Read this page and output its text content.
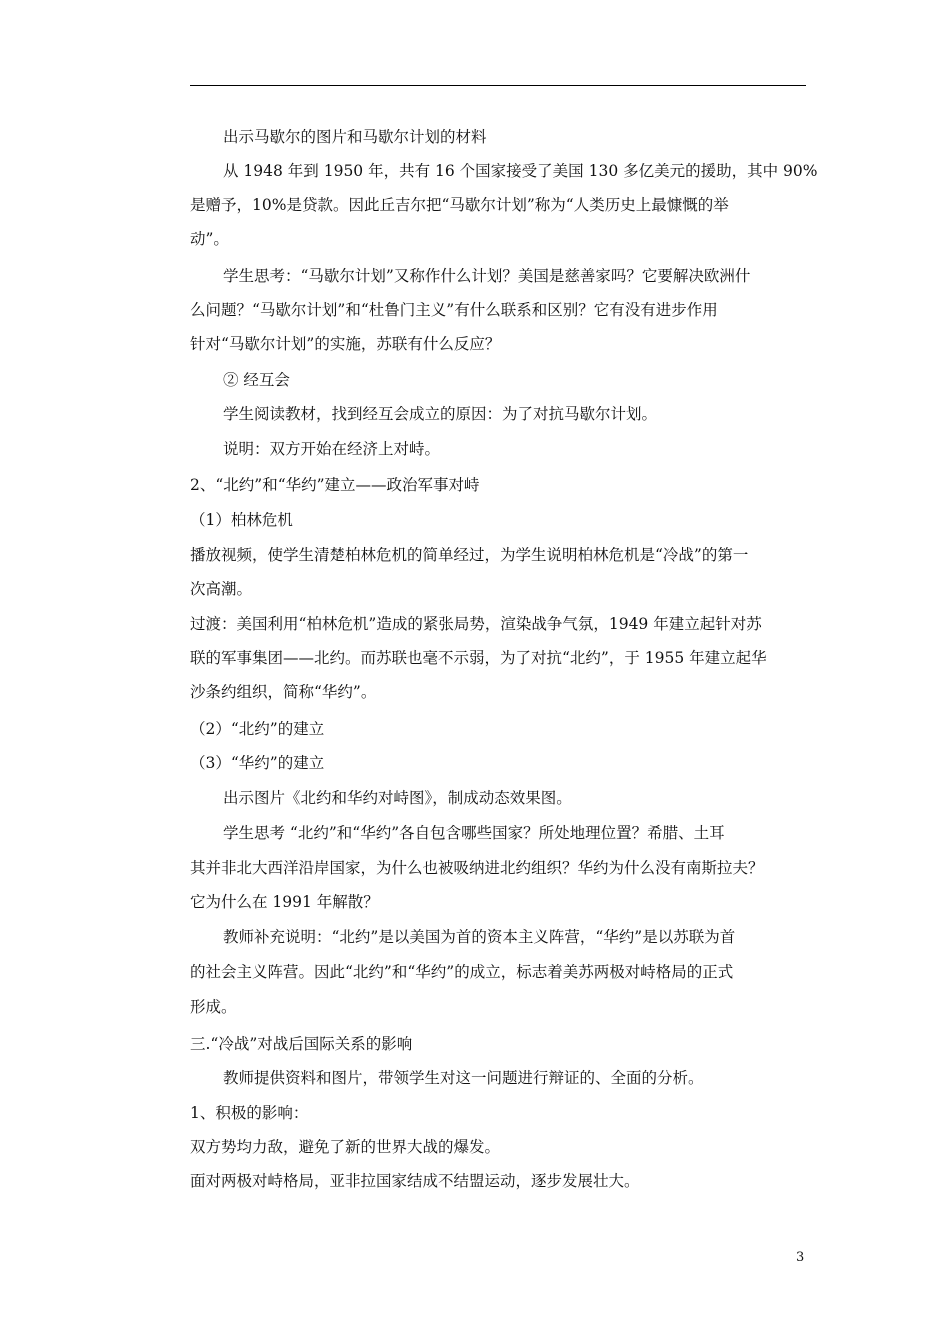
出示马歇尔的图片和马歇尔计划的材料
从 1948 年到 1950 年，共有 16 个国家接受了美国 130 多亿美元的援助，其中 90%
是赠予，10%是贷款。因此丘吉尔把“马歇尔计划”称为“人类历史上最慷慨的举
动”。
学生思考：“马歇尔计划”又称作什么计划？美国是慈善家吗？它要解决欧洲什
么问题？“马歇尔计划”和“杜鲁门主义”有什么联系和区别？它有没有进步作用
针对“马歇尔计划”的实施，苏联有什么反应？
② 经互会
学生阅读教材，找到经互会成立的原因：为了对抗马歇尔计划。
说明：双方开始在经济上对峙。
2、“北约”和“华约”建立——政治军事对峙
（1）柏林危机
播放视频，使学生清楚柏林危机的简单经过，为学生说明柏林危机是“冷战”的第一
次高潮。
过渡：美国利用“柏林危机”造成的紧张局势，渲染战争气氛，1949 年建立起针对苏
联的军事集团——北约。而苏联也毫不示弱，为了对抗“北约”，于 1955 年建立起华
沙条约组织，简称“华约”。
（2）“北约”的建立
（3）“华约”的建立
出示图片《北约和华约对峙图》，制成动态效果图。
学生思考 “北约”和“华约”各自包含哪些国家？所处地理位置？希腊、土耳
其并非北大西洋沿岸国家，为什么也被吸纳进北约组织？华约为什么没有南斯拉夫？
它为什么在 1991 年解散？
教师补充说明：“北约”是以美国为首的资本主义阵营，“华约”是以苏联为首
的社会主义阵营。因此“北约”和“华约”的成立，标志着美苏两极对峙格局的正式
形成。
三.“冷战”对战后国际关系的影响
教师提供资料和图片，带领学生对这一问题进行辩证的、全面的分析。
1、积极的影响：
双方势均力敌，避免了新的世界大战的爆发。
面对两极对峙格局，亚非拉国家结成不结盟运动，逐步发展壮大。
3
